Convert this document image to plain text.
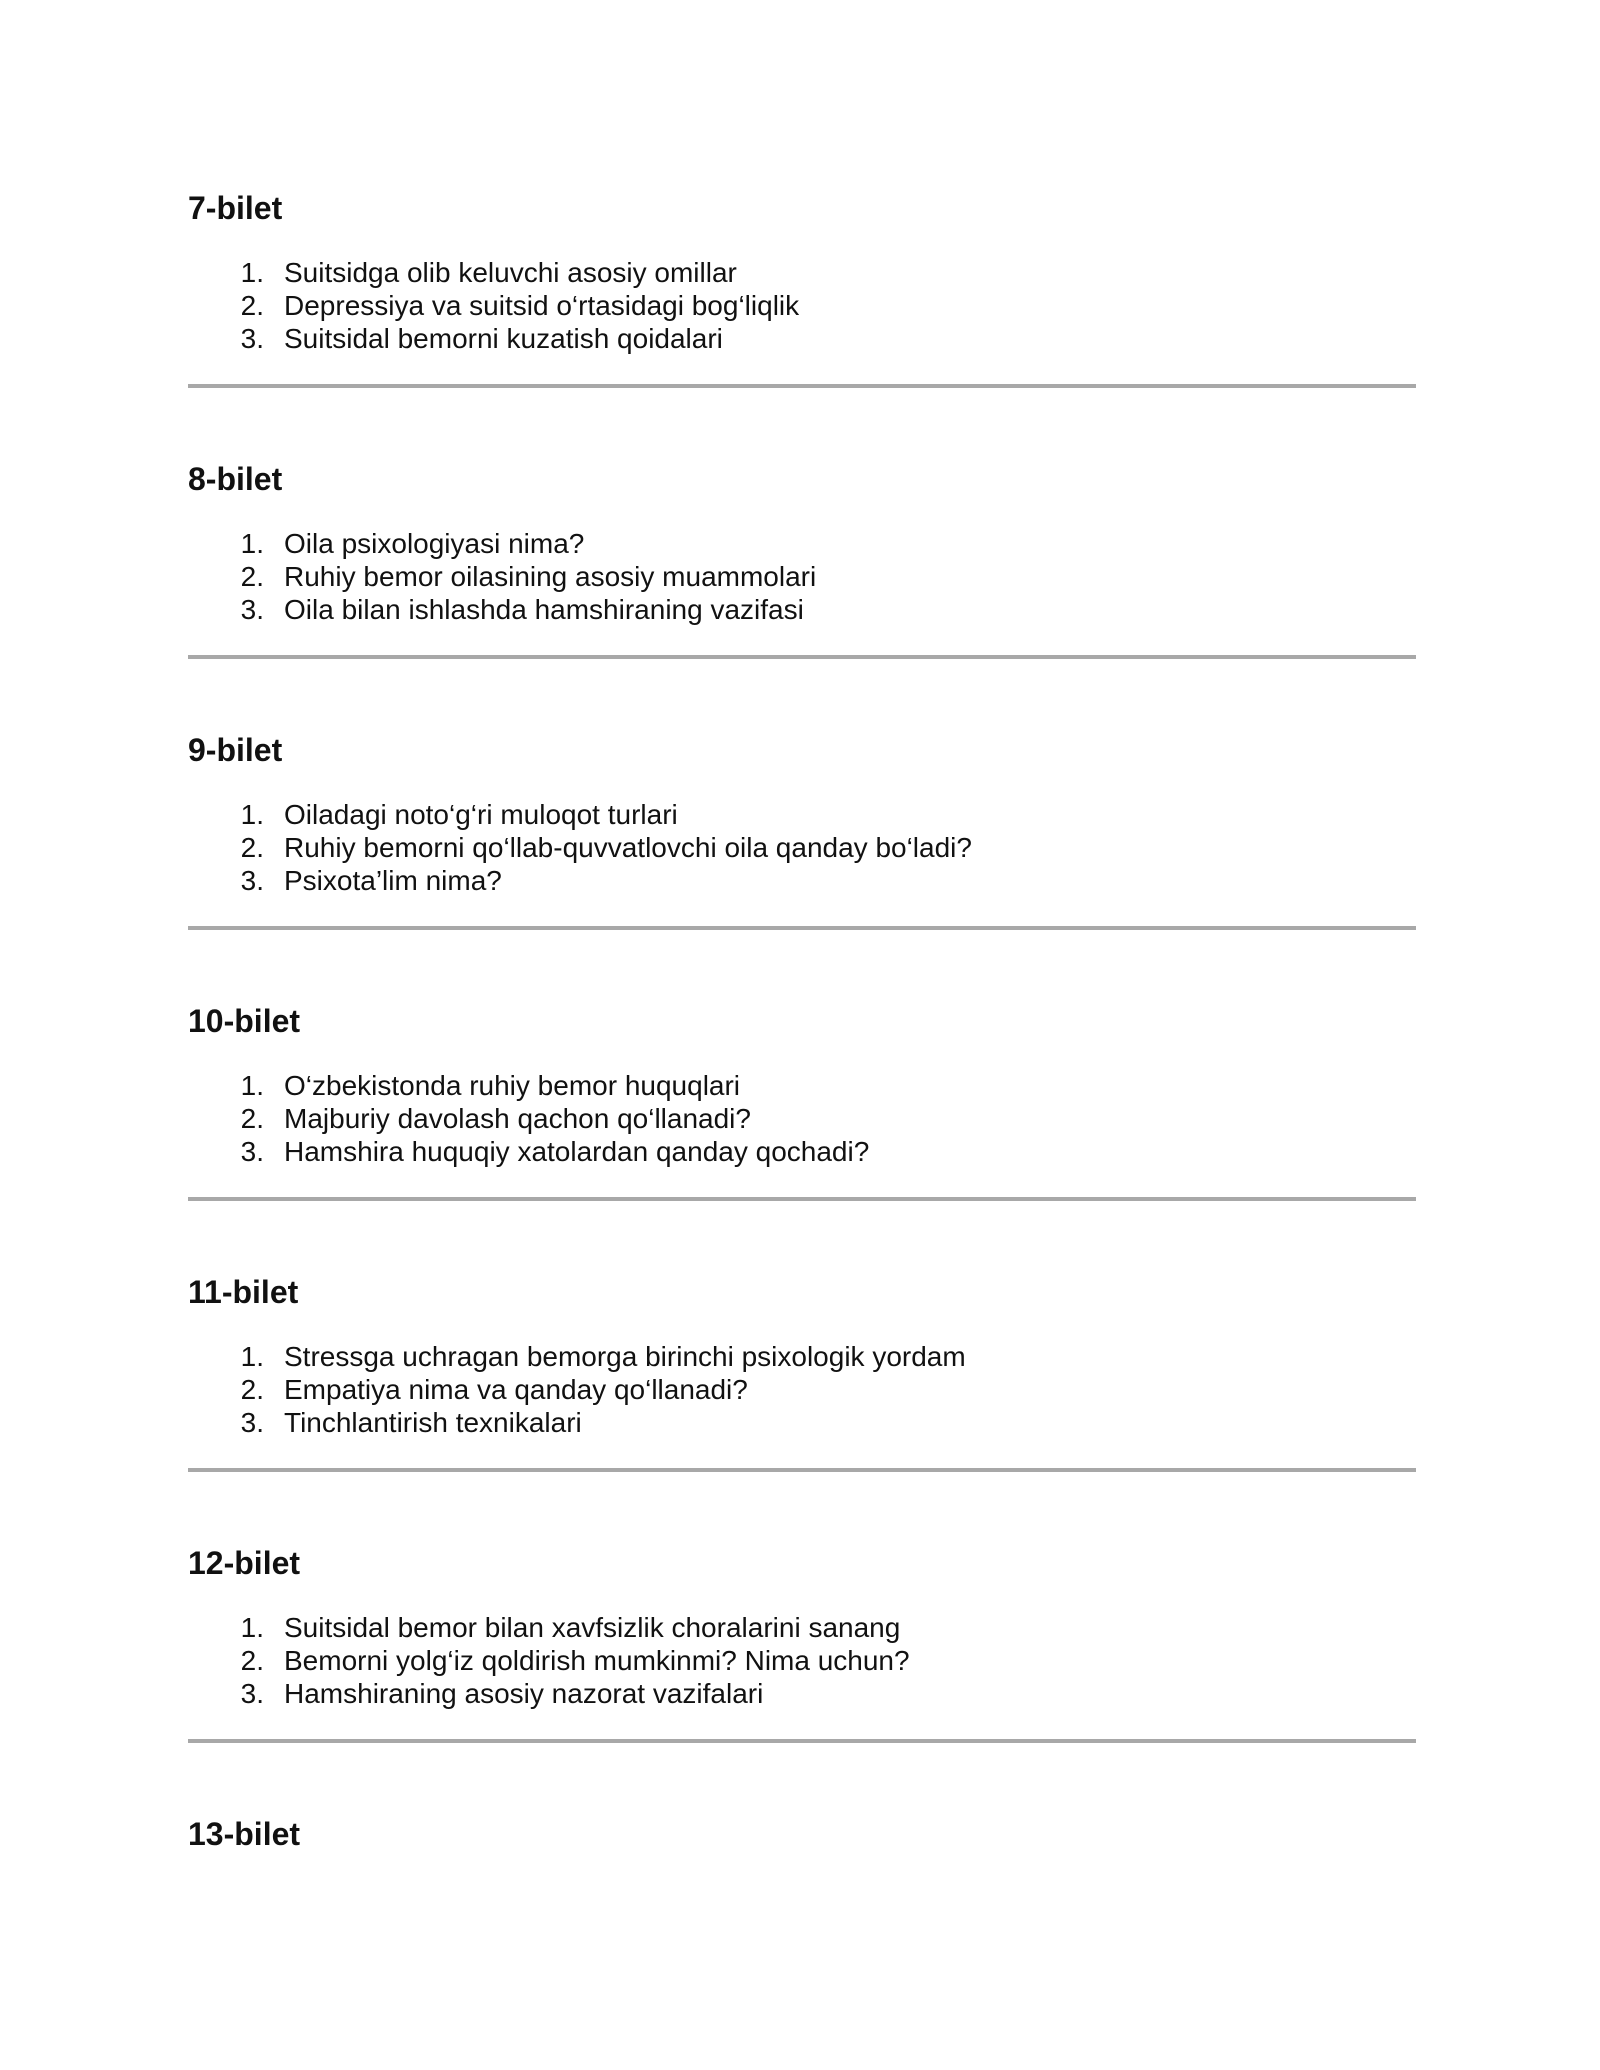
7-bilet
1. Suitsidga olib keluvchi asosiy omillar
2. Depressiya va suitsid o‘rtasidagi bog‘liqlik
3. Suitsidal bemorni kuzatish qoidalari
8-bilet
1. Oila psixologiyasi nima?
2. Ruhiy bemor oilasining asosiy muammolari
3. Oila bilan ishlashda hamshiraning vazifasi
9-bilet
1. Oiladagi noto‘g‘ri muloqot turlari
2. Ruhiy bemorni qo‘llab-quvvatlovchi oila qanday bo‘ladi?
3. Psixota’lim nima?
10-bilet
1. O‘zbekistonda ruhiy bemor huquqlari
2. Majburiy davolash qachon qo‘llanadi?
3. Hamshira huquqiy xatolardan qanday qochadi?
11-bilet
1. Stressga uchragan bemorga birinchi psixologik yordam
2. Empatiya nima va qanday qo‘llanadi?
3. Tinchlantirish texnikalari
12-bilet
1. Suitsidal bemor bilan xavfsizlik choralarini sanang
2. Bemorni yolg‘iz qoldirish mumkinmi? Nima uchun?
3. Hamshiraning asosiy nazorat vazifalari
13-bilet
